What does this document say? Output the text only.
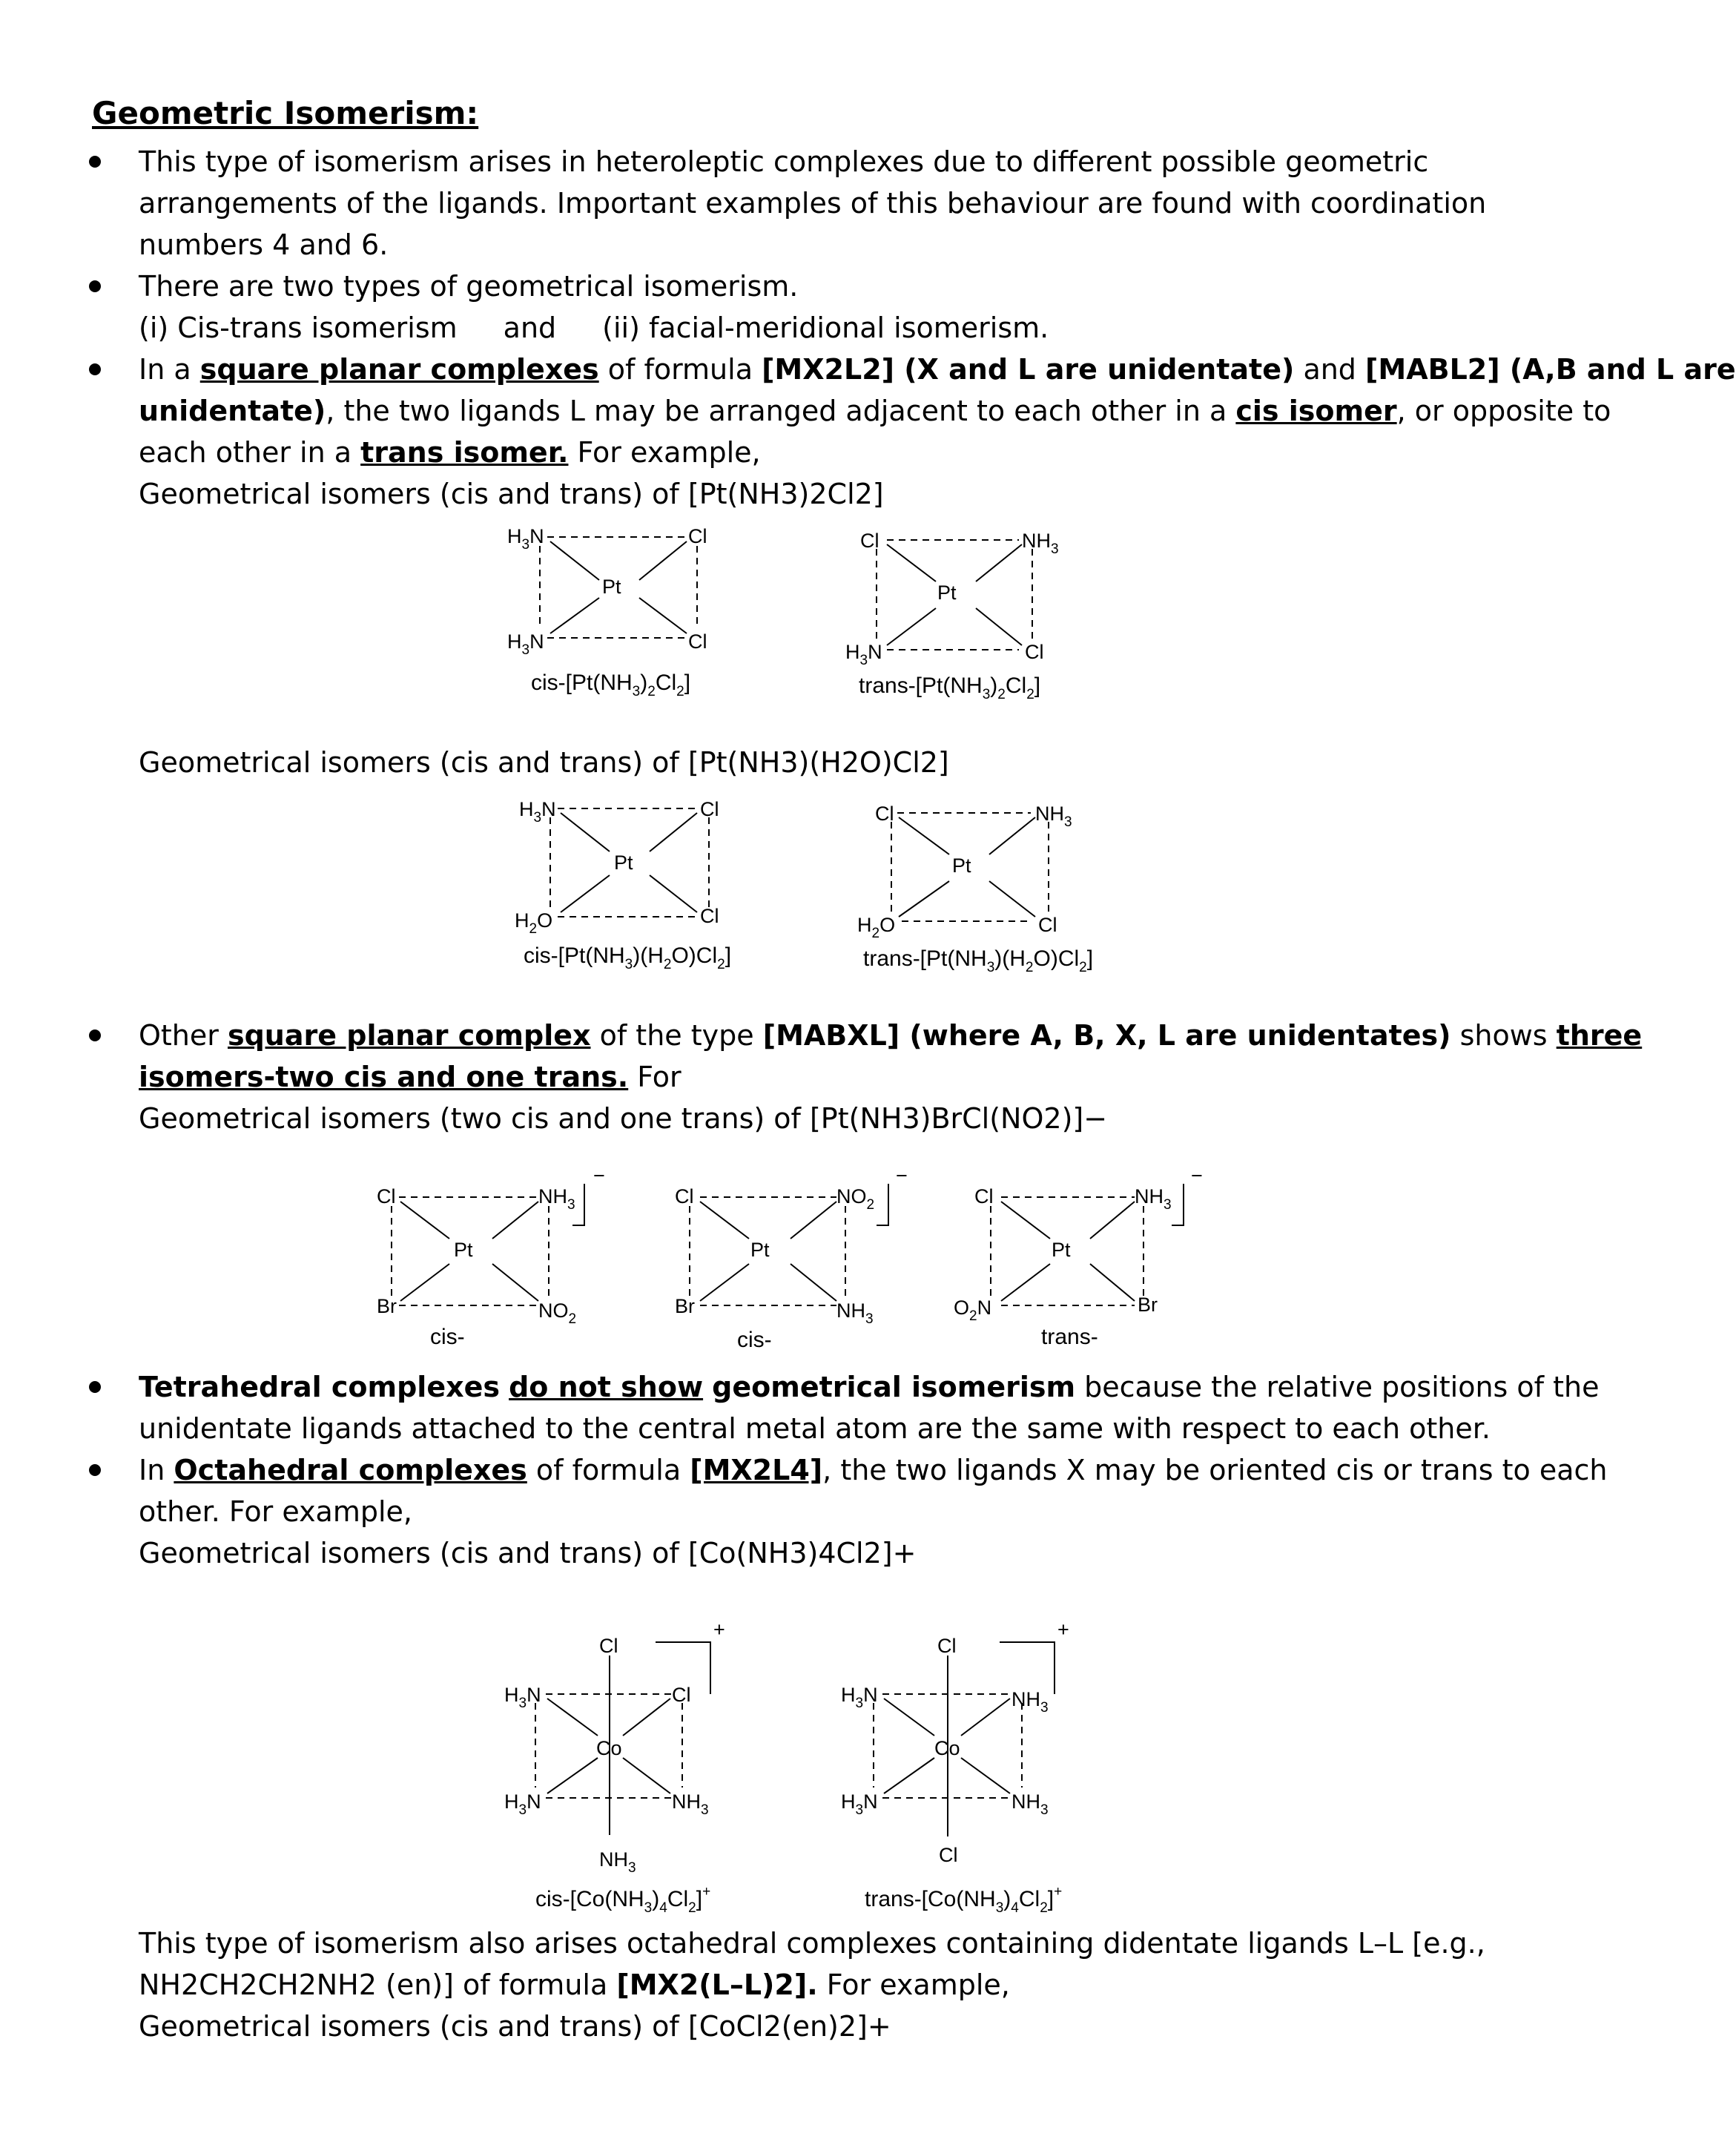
Geometric Isomerism:
This type of isomerism arises in heteroleptic complexes due to different possible geometric
arrangements of the ligands. Important examples of this behaviour are found with coordination
numbers 4 and 6.
There are two types of geometrical isomerism.
(i) Cis-trans isomerism and (ii) facial-meridional isomerism.
In a square planar complexes of formula [MX2L2] (X and L are unidentate) and [MABL2] (A,B and L are
unidentate), the two ligands L may be arranged adjacent to each other in a cis isomer, or opposite to
each other in a trans isomer. For example,
Geometrical isomers (cis and trans) of [Pt(NH3)2Cl2]
Pt
$H_3N$
$H_3N$
Cl
Cl
cis-$[Pt(NH_3)_2Cl_2]$
Pt
Cl	$NH_3$
$H_3N$	Cl
trans-$[Pt(NH_3)_2Cl_2]$
Pt
$H_3N$
$H_2O$
Cl
Cl
cis-$[Pt(NH_3)(H_2O)Cl_2]$
Pt
Cl	$NH_3$
$H_2O$	Cl
trans-$[Pt(NH_3)(H_2O)Cl_2]$
Pt
Cl	$NH_3$
Br	$NO_2$
−
cis-
Pt
Cl	$NO_2$
Br	$NH_3$
−
cis-
Pt
Cl	$NH_3$
$O_2N$	Br
−
trans-
Co
Cl
$NH_3$
$H_3N$
$H_3N$
Cl
$NH_3$
+
cis-$[Co(NH_3)_4Cl_2]^+$
Co
Cl
Cl
$H_3N$
$H_3N$
$NH_3$
$NH_3$
+
trans-$[Co(NH_3)_4Cl_2]^+$
Geometrical isomers (cis and trans) of [Pt(NH3)(H2O)Cl2]
Other square planar complex of the type [MABXL] (where A, B, X, L are unidentates) shows three
isomers-two cis and one trans. For
Geometrical isomers (two cis and one trans) of [Pt(NH3)BrCl(NO2)]−
Tetrahedral complexes do not show geometrical isomerism because the relative positions of the
unidentate ligands attached to the central metal atom are the same with respect to each other.
In Octahedral complexes of formula [MX2L4], the two ligands X may be oriented cis or trans to each
other. For example,
Geometrical isomers (cis and trans) of [Co(NH3)4Cl2]+
This type of isomerism also arises octahedral complexes containing didentate ligands L–L [e.g.,
NH2CH2CH2NH2 (en)] of formula [MX2(L–L)2]. For example,
Geometrical isomers (cis and trans) of [CoCl2(en)2]+
